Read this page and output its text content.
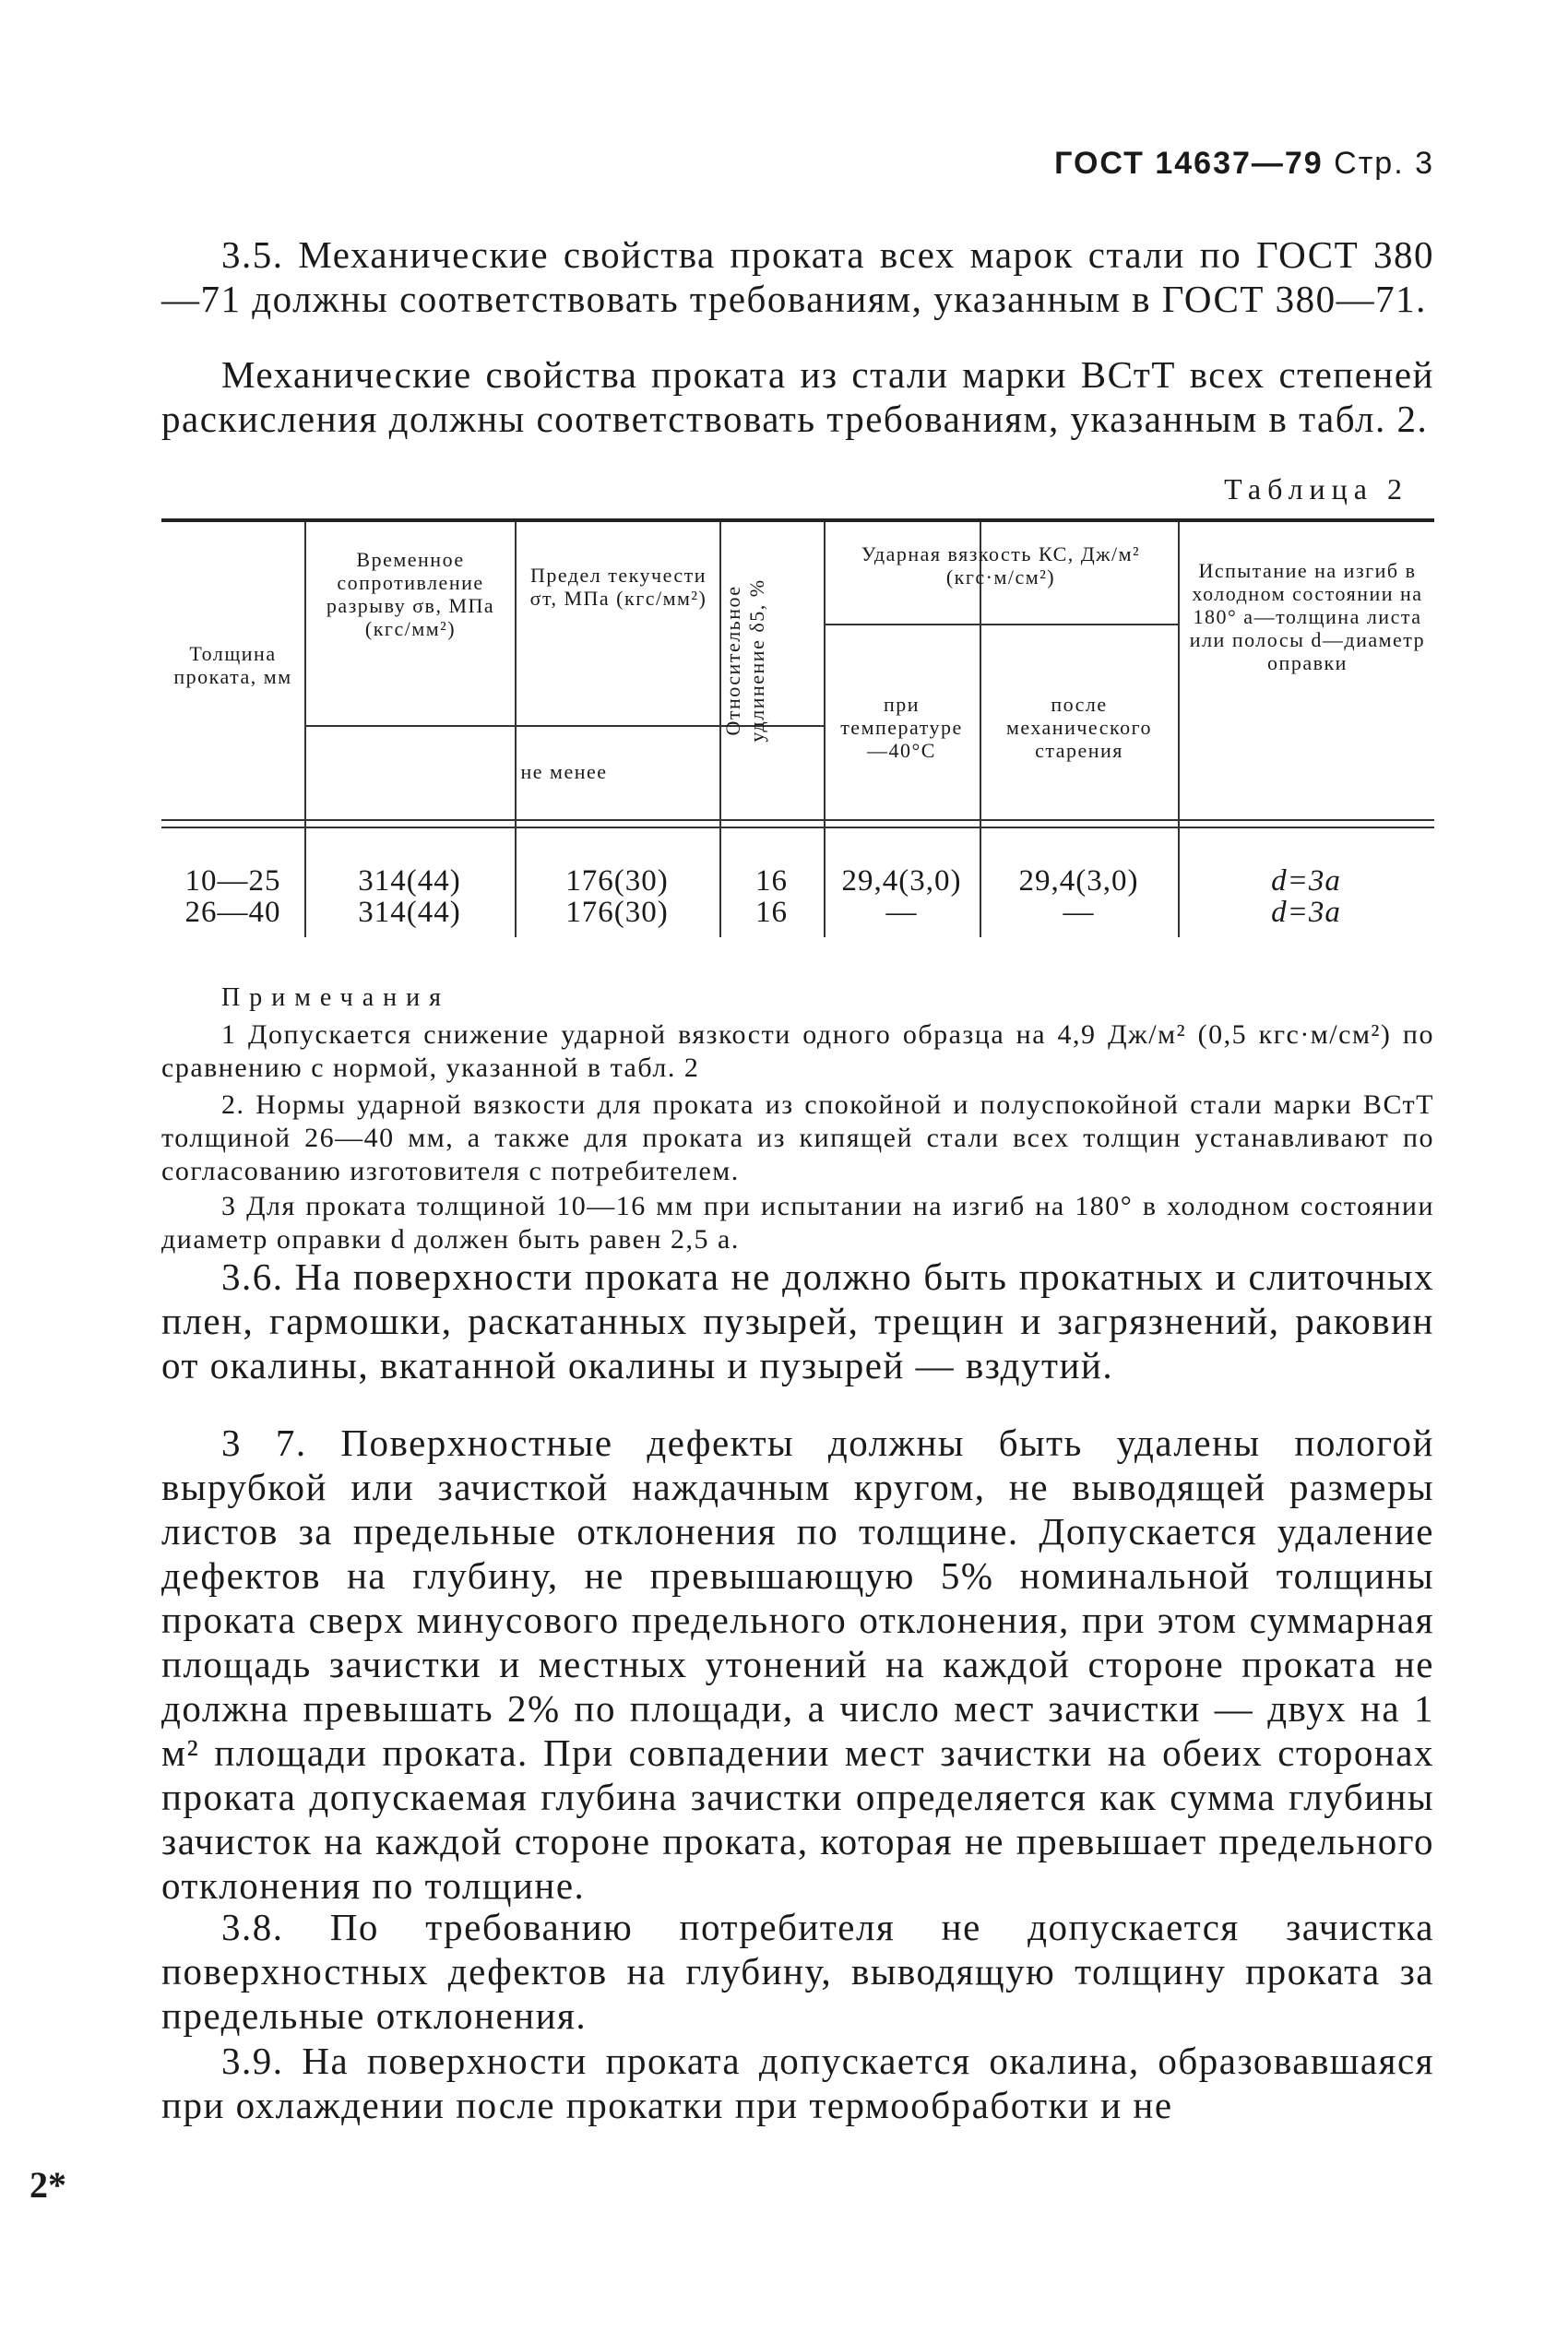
ГОСТ 14637—79 Стр. 3

3.5. Механические свойства проката всех марок стали по ГОСТ 380—71 должны соответствовать требованиям, указанным в ГОСТ 380—71.

Механические свойства проката из стали марки ВСтТ всех степеней раскисления должны соответствовать требованиям, указанным в табл. 2.

Таблица 2
Толщина проката, мм
Временное сопротивление разрыву σв, МПа (кгс/мм²)
Предел текучести σт, МПа (кгс/мм²) Относительное удлинение δ5, %
Ударная вязкость КС, Дж/м² (кгс·м/см²)
при температуре —40°С
после механического старения
Испытание на изгиб в холодном состоянии на 180° a—толщина листа или полосы d—диаметр оправки
не менее
10—25	314(44)	176(30)	16	29,4(3,0)	29,4(3,0)	d=3a
26—40	314(44)	176(30)	16	—	—	d=3a
Примечания

1 Допускается снижение ударной вязкости одного образца на 4,9 Дж/м² (0,5 кгс·м/см²) по сравнению с нормой, указанной в табл. 2

2. Нормы ударной вязкости для проката из спокойной и полуспокойной стали марки ВСтТ толщиной 26—40 мм, а также для проката из кипящей стали всех толщин устанавливают по согласованию изготовителя с потребителем.

3 Для проката толщиной 10—16 мм при испытании на изгиб на 180° в холодном состоянии диаметр оправки d должен быть равен 2,5 a.

3.6. На поверхности проката не должно быть прокатных и слиточных плен, гармошки, раскатанных пузырей, трещин и загрязнений, раковин от окалины, вкатанной окалины и пузырей — вздутий.

3 7. Поверхностные дефекты должны быть удалены пологой вырубкой или зачисткой наждачным кругом, не выводящей размеры листов за предельные отклонения по толщине. Допускается удаление дефектов на глубину, не превышающую 5% номинальной толщины проката сверх минусового предельного отклонения, при этом суммарная площадь зачистки и местных утонений на каждой стороне проката не должна превышать 2% по площади, а число мест зачистки — двух на 1 м² площади проката. При совпадении мест зачистки на обеих сторонах проката допускаемая глубина зачистки определяется как сумма глубины зачисток на каждой стороне проката, которая не превышает предельного отклонения по толщине.

3.8. По требованию потребителя не допускается зачистка поверхностных дефектов на глубину, выводящую толщину проката за предельные отклонения.

3.9. На поверхности проката допускается окалина, образовавшаяся при охлаждении после прокатки при термообработки и не

2*
